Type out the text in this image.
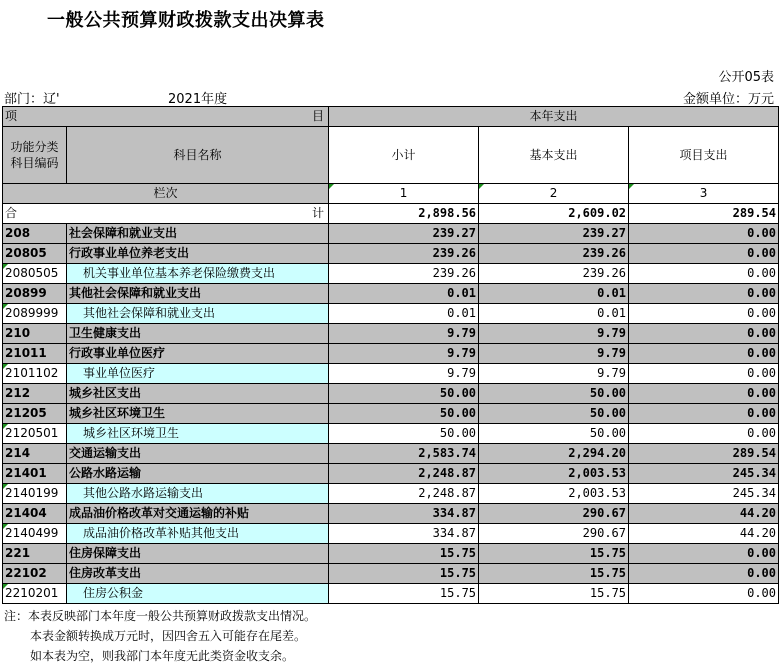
一般公共预算财政拨款支出决算表
公开05表
部门：辽'	2021年度	金额单位：万元
项 目		本年支出		

功能分类
科目编码	科目名称	小计	基本支出	项目支出
栏次		1	2	3
合 计		2,898.56	2,609.02	289.54
208	社会保障和就业支出	239.27	239.27	0.00
20805	行政事业单位养老支出	239.26	239.26	0.00
2080505	机关事业单位基本养老保险缴费支出	239.26	239.26	0.00
20899	其他社会保障和就业支出	0.01	0.01	0.00
2089999	其他社会保障和就业支出	0.01	0.01	0.00
210	卫生健康支出	9.79	9.79	0.00
21011	行政事业单位医疗	9.79	9.79	0.00
2101102	事业单位医疗	9.79	9.79	0.00
212	城乡社区支出	50.00	50.00	0.00
21205	城乡社区环境卫生	50.00	50.00	0.00
2120501	城乡社区环境卫生	50.00	50.00	0.00
214	交通运输支出	2,583.74	2,294.20	289.54
21401	公路水路运输	2,248.87	2,003.53	245.34
2140199	其他公路水路运输支出	2,248.87	2,003.53	245.34
21404	成品油价格改革对交通运输的补贴	334.87	290.67	44.20
2140499	成品油价格改革补贴其他支出	334.87	290.67	44.20
221	住房保障支出	15.75	15.75	0.00
22102	住房改革支出	15.75	15.75	0.00
2210201	住房公积金	15.75	15.75	0.00
注：本表反映部门本年度一般公共预算财政拨款支出情况。
本表金额转换成万元时，因四舍五入可能存在尾差。
如本表为空，则我部门本年度无此类资金收支余。
